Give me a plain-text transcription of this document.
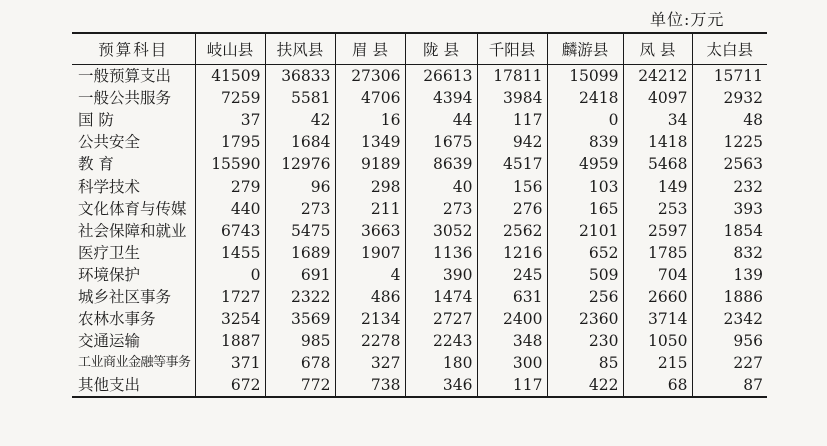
单位:万元
预算科目	岐山县	扶风县	眉 县	陇 县	千阳县	麟游县	凤 县	太白县
一般预算支出	41509	36833	27306	26613	17811	15099	24212	15711
一般公共服务	7259	5581	4706	4394	3984	2418	4097	2932
国 防	37	42	16	44	117	0	34	48
公共安全	1795	1684	1349	1675	942	839	1418	1225
教 育	15590	12976	9189	8639	4517	4959	5468	2563
科学技术	279	96	298	40	156	103	149	232
文化体育与传媒	440	273	211	273	276	165	253	393
社会保障和就业	6743	5475	3663	3052	2562	2101	2597	1854
医疗卫生	1455	1689	1907	1136	1216	652	1785	832
环境保护	0	691	4	390	245	509	704	139
城乡社区事务	1727	2322	486	1474	631	256	2660	1886
农林水事务	3254	3569	2134	2727	2400	2360	3714	2342
交通运输	1887	985	2278	2243	348	230	1050	956
工业商业金融等事务	371	678	327	180	300	85	215	227
其他支出	672	772	738	346	117	422	68	87
